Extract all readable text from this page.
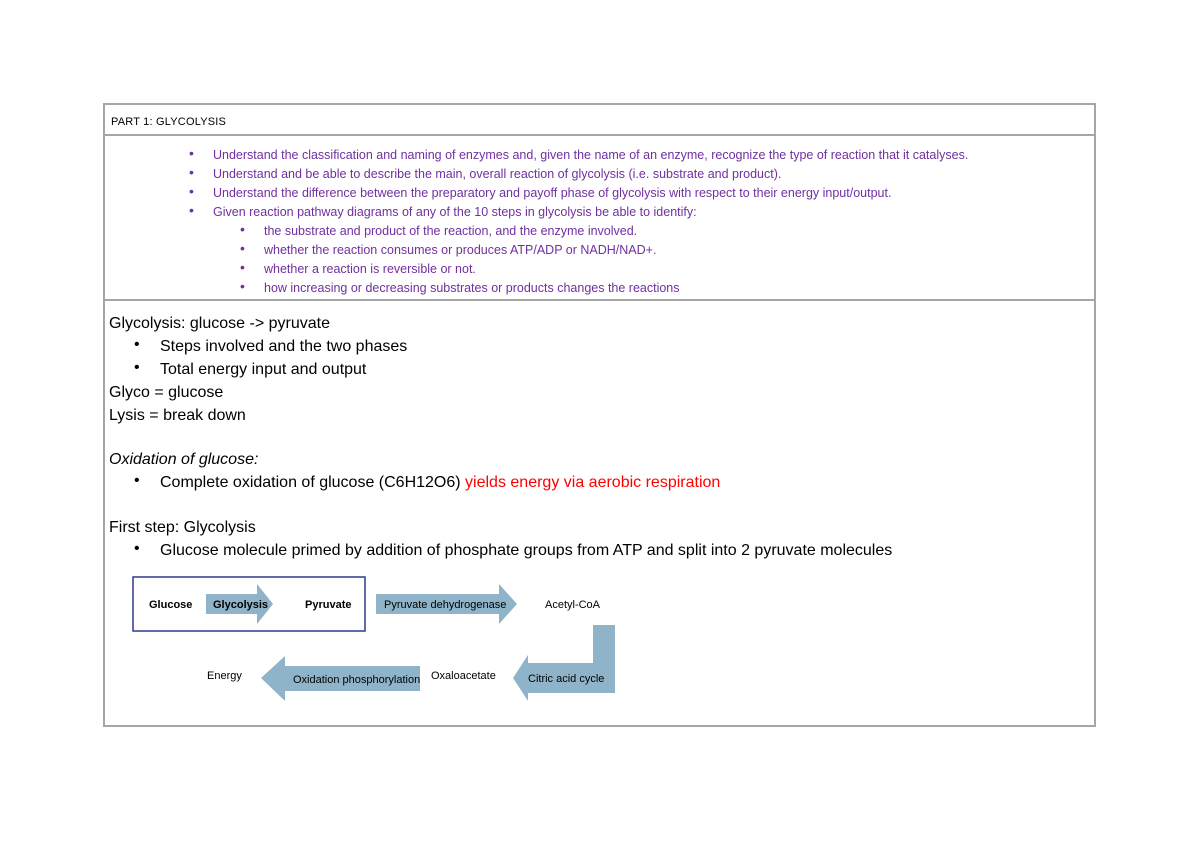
PART 1: GLYCOLYSIS
• Understand the classification and naming of enzymes and, given the name of an enzyme, recognize the type of reaction that it catalyses.
• Understand and be able to describe the main, overall reaction of glycolysis (i.e. substrate and product).
• Understand the difference between the preparatory and payoff phase of glycolysis with respect to their energy input/output.
• Given reaction pathway diagrams of any of the 10 steps in glycolysis be able to identify:
• the substrate and product of the reaction, and the enzyme involved.
• whether the reaction consumes or produces ATP/ADP or NADH/NAD+.
• whether a reaction is reversible or not.
• how increasing or decreasing substrates or products changes the reactions
Glycolysis: glucose -> pyruvate
• Steps involved and the two phases
• Total energy input and output
Glyco = glucose
Lysis = break down
Oxidation of glucose:
• Complete oxidation of glucose (C6H12O6) yields energy via aerobic respiration
First step: Glycolysis
• Glucose molecule primed by addition of phosphate groups from ATP and split into 2 pyruvate molecules
Glucose Glycolysis	Pyruvate	Pyruvate dehydrogenase	Acetyl-CoA
Citric acid cycle
Oxaloacetate
Oxidation phosphorylation
Energy
